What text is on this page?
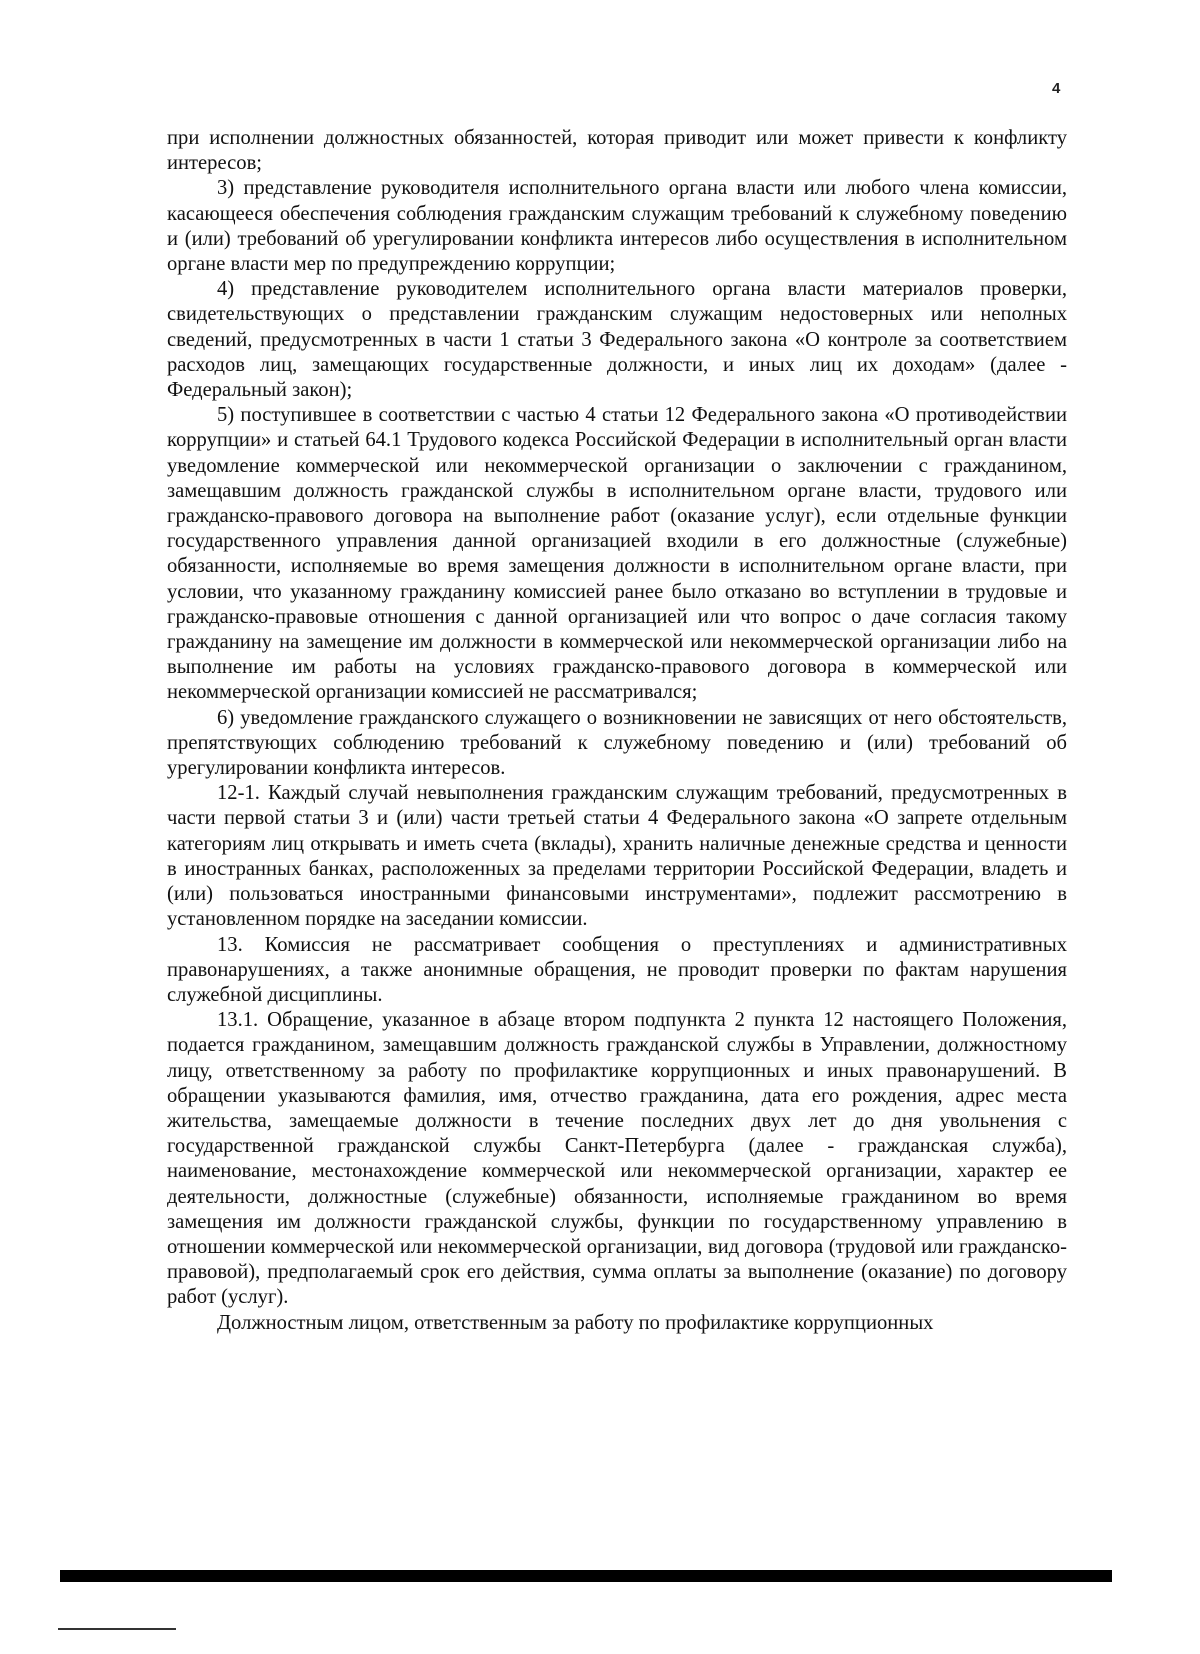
4

при исполнении должностных обязанностей, которая приводит или может привести к конфликту интересов;

3) представление руководителя исполнительного органа власти или любого члена комиссии, касающееся обеспечения соблюдения гражданским служащим требований к служебному поведению и (или) требований об урегулировании конфликта интересов либо осуществления в исполнительном органе власти мер по предупреждению коррупции;

4) представление руководителем исполнительного органа власти материалов проверки, свидетельствующих о представлении гражданским служащим недостоверных или неполных сведений, предусмотренных в части 1 статьи 3 Федерального закона «О контроле за соответствием расходов лиц, замещающих государственные должности, и иных лиц их доходам» (далее - Федеральный закон);

5) поступившее в соответствии с частью 4 статьи 12 Федерального закона «О противодействии коррупции» и статьей 64.1 Трудового кодекса Российской Федерации в исполнительный орган власти уведомление коммерческой или некоммерческой организации о заключении с гражданином, замещавшим должность гражданской службы в исполнительном органе власти, трудового или гражданско-правового договора на выполнение работ (оказание услуг), если отдельные функции государственного управления данной организацией входили в его должностные (служебные) обязанности, исполняемые во время замещения должности в исполнительном органе власти, при условии, что указанному гражданину комиссией ранее было отказано во вступлении в трудовые и гражданско-правовые отношения с данной организацией или что вопрос о даче согласия такому гражданину на замещение им должности в коммерческой или некоммерческой организации либо на выполнение им работы на условиях гражданско-правового договора в коммерческой или некоммерческой организации комиссией не рассматривался;

6) уведомление гражданского служащего о возникновении не зависящих от него обстоятельств, препятствующих соблюдению требований к служебному поведению и (или) требований об урегулировании конфликта интересов.

12-1. Каждый случай невыполнения гражданским служащим требований, предусмотренных в части первой статьи 3 и (или) части третьей статьи 4 Федерального закона «О запрете отдельным категориям лиц открывать и иметь счета (вклады), хранить наличные денежные средства и ценности в иностранных банках, расположенных за пределами территории Российской Федерации, владеть и (или) пользоваться иностранными финансовыми инструментами», подлежит рассмотрению в установленном порядке на заседании комиссии.

13. Комиссия не рассматривает сообщения о преступлениях и административных правонарушениях, а также анонимные обращения, не проводит проверки по фактам нарушения служебной дисциплины.

13.1. Обращение, указанное в абзаце втором подпункта 2 пункта 12 настоящего Положения, подается гражданином, замещавшим должность гражданской службы в Управлении, должностному лицу, ответственному за работу по профилактике коррупционных и иных правонарушений. В обращении указываются фамилия, имя, отчество гражданина, дата его рождения, адрес места жительства, замещаемые должности в течение последних двух лет до дня увольнения с государственной гражданской службы Санкт-Петербурга (далее - гражданская служба), наименование, местонахождение коммерческой или некоммерческой организации, характер ее деятельности, должностные (служебные) обязанности, исполняемые гражданином во время замещения им должности гражданской службы, функции по государственному управлению в отношении коммерческой или некоммерческой организации, вид договора (трудовой или гражданско-правовой), предполагаемый срок его действия, сумма оплаты за выполнение (оказание) по договору работ (услуг).

Должностным лицом, ответственным за работу по профилактике коррупционных
